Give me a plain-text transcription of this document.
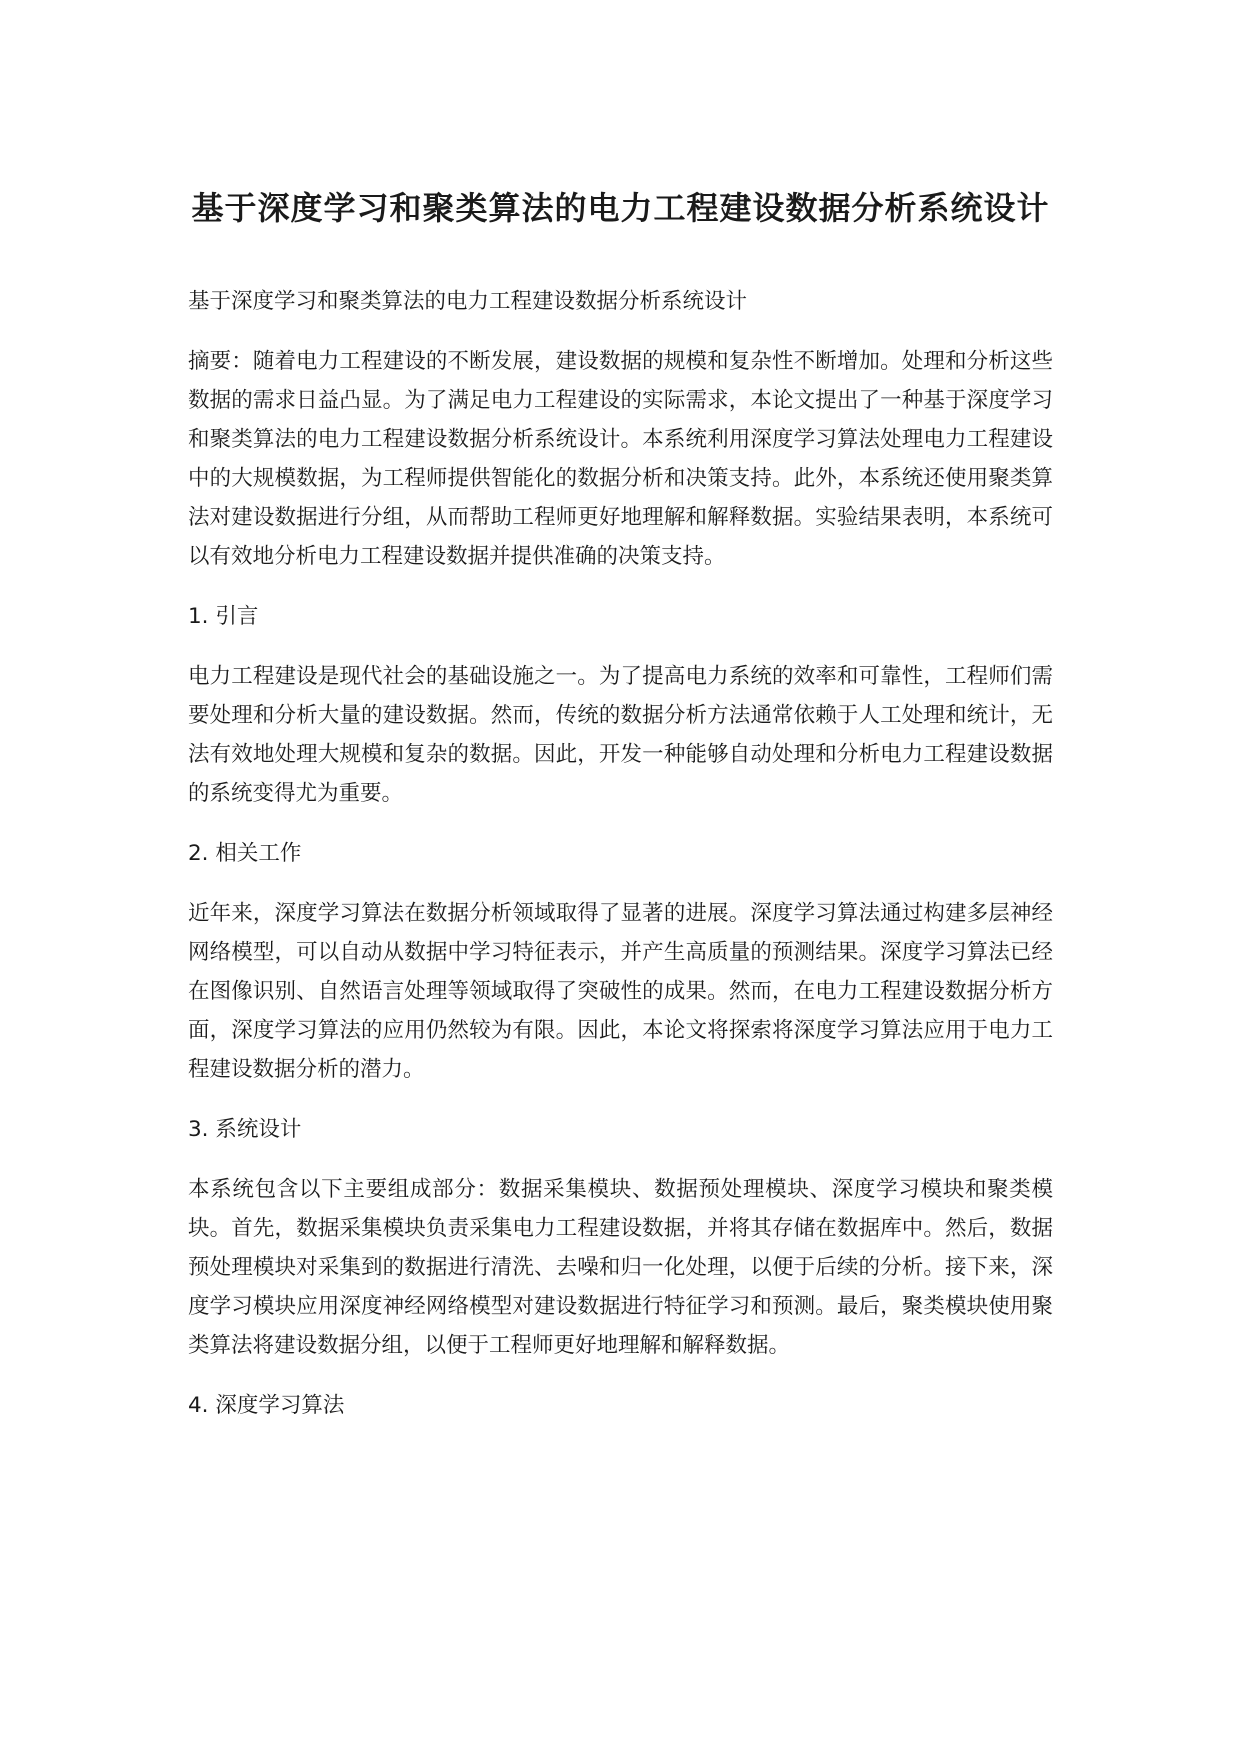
基于深度学习和聚类算法的电力工程建设数据分析系统设计

基于深度学习和聚类算法的电力工程建设数据分析系统设计

摘要：随着电力工程建设的不断发展，建设数据的规模和复杂性不断增加。处理和分析这些数据的需求日益凸显。为了满足电力工程建设的实际需求，本论文提出了一种基于深度学习和聚类算法的电力工程建设数据分析系统设计。本系统利用深度学习算法处理电力工程建设中的大规模数据，为工程师提供智能化的数据分析和决策支持。此外，本系统还使用聚类算法对建设数据进行分组，从而帮助工程师更好地理解和解释数据。实验结果表明，本系统可以有效地分析电力工程建设数据并提供准确的决策支持。

1. 引言

电力工程建设是现代社会的基础设施之一。为了提高电力系统的效率和可靠性，工程师们需要处理和分析大量的建设数据。然而，传统的数据分析方法通常依赖于人工处理和统计，无法有效地处理大规模和复杂的数据。因此，开发一种能够自动处理和分析电力工程建设数据的系统变得尤为重要。

2. 相关工作

近年来，深度学习算法在数据分析领域取得了显著的进展。深度学习算法通过构建多层神经网络模型，可以自动从数据中学习特征表示，并产生高质量的预测结果。深度学习算法已经在图像识别、自然语言处理等领域取得了突破性的成果。然而，在电力工程建设数据分析方面，深度学习算法的应用仍然较为有限。因此，本论文将探索将深度学习算法应用于电力工程建设数据分析的潜力。

3. 系统设计

本系统包含以下主要组成部分：数据采集模块、数据预处理模块、深度学习模块和聚类模块。首先，数据采集模块负责采集电力工程建设数据，并将其存储在数据库中。然后，数据预处理模块对采集到的数据进行清洗、去噪和归一化处理，以便于后续的分析。接下来，深度学习模块应用深度神经网络模型对建设数据进行特征学习和预测。最后，聚类模块使用聚类算法将建设数据分组，以便于工程师更好地理解和解释数据。

4. 深度学习算法
